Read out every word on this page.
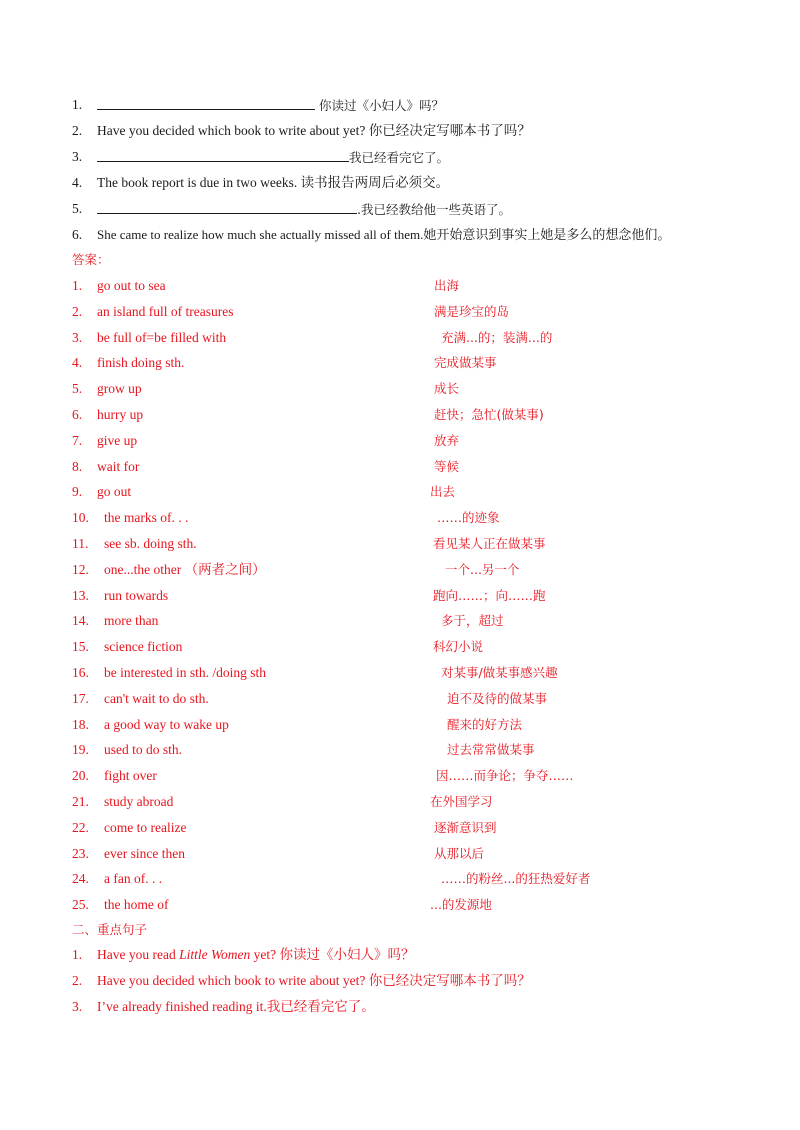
1.	你读过《小妇人》吗？
2. Have you decided which book to write about yet? 你已经决定写哪本书了吗？
3.	我已经看完它了。
4. The book report is due in two weeks. 读书报告两周后必须交。
5.	.我已经教给他一些英语了。
6. She came to realize how much she actually missed all of them.她开始意识到事实上她是多么的想念他们。
答案：
1. go out to sea	出海
2. an island full of treasures	满是珍宝的岛
3. be full of=be filled with	充满...的；装满...的
4. finish doing sth.	完成做某事
5. grow up	成长
6. hurry up	赶快；急忙(做某事)
7. give up	放弃
8. wait for	等候
9. go out	出去
10. the marks of. . .	……的迹象
11. see sb. doing sth.	看见某人正在做某事
12. one...the other （两者之间）	一个...另一个
13. run towards	跑向……；向……跑
14. more than	多于，超过
15. science fiction	科幻小说
16. be interested in sth. /doing sth	对某事/做某事感兴趣
17. can't wait to do sth.	迫不及待的做某事
18. a good way to wake up	醒来的好方法
19. used to do sth.	过去常常做某事
20. fight over	因……而争论；争夺……
21. study abroad	在外国学习
22. come to realize	逐渐意识到
23. ever since then	从那以后
24. a fan of. . .	……的粉丝...的狂热爱好者
25. the home of	...的发源地
二、重点句子
1. Have you read Little Women yet? 你读过《小妇人》吗？
2. Have you decided which book to write about yet? 你已经决定写哪本书了吗？
3. I’ve already finished reading it.我已经看完它了。
